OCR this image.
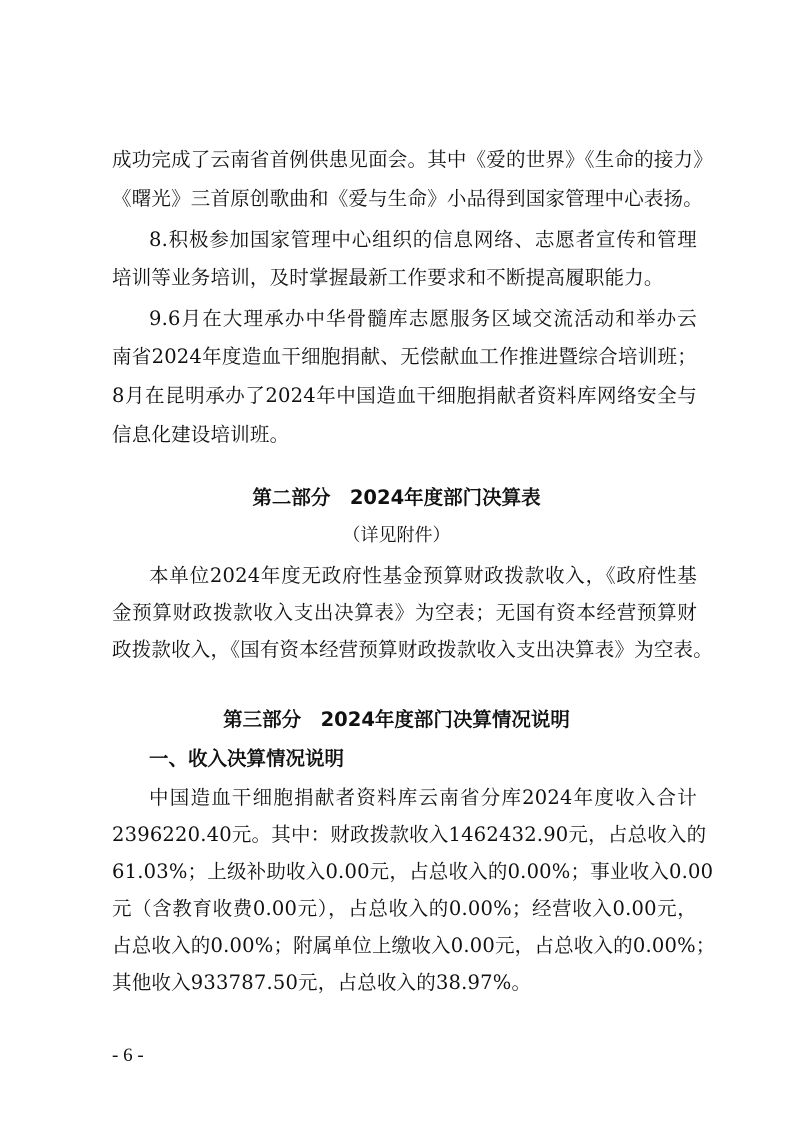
成功完成了云南省首例供患见面会。其中《爱的世界》《生命的接力》
《曙光》三首原创歌曲和《爱与生命》小品得到国家管理中心表扬。
8.积极参加国家管理中心组织的信息网络、志愿者宣传和管理
培训等业务培训，及时掌握最新工作要求和不断提高履职能力。
9.6月在大理承办中华骨髓库志愿服务区域交流活动和举办云
南省2024年度造血干细胞捐献、无偿献血工作推进暨综合培训班；
8月在昆明承办了2024年中国造血干细胞捐献者资料库网络安全与
信息化建设培训班。
第二部分　2024年度部门决算表
（详见附件）
本单位2024年度无政府性基金预算财政拨款收入，《政府性基
金预算财政拨款收入支出决算表》为空表；无国有资本经营预算财
政拨款收入，《国有资本经营预算财政拨款收入支出决算表》为空表。
第三部分　2024年度部门决算情况说明
一、收入决算情况说明
中国造血干细胞捐献者资料库云南省分库2024年度收入合计
2396220.40元。其中：财政拨款收入1462432.90元，占总收入的
61.03%；上级补助收入0.00元，占总收入的0.00%；事业收入0.00
元（含教育收费0.00元），占总收入的0.00%；经营收入0.00元，
占总收入的0.00%；附属单位上缴收入0.00元，占总收入的0.00%；
其他收入933787.50元，占总收入的38.97%。
- 6 -
